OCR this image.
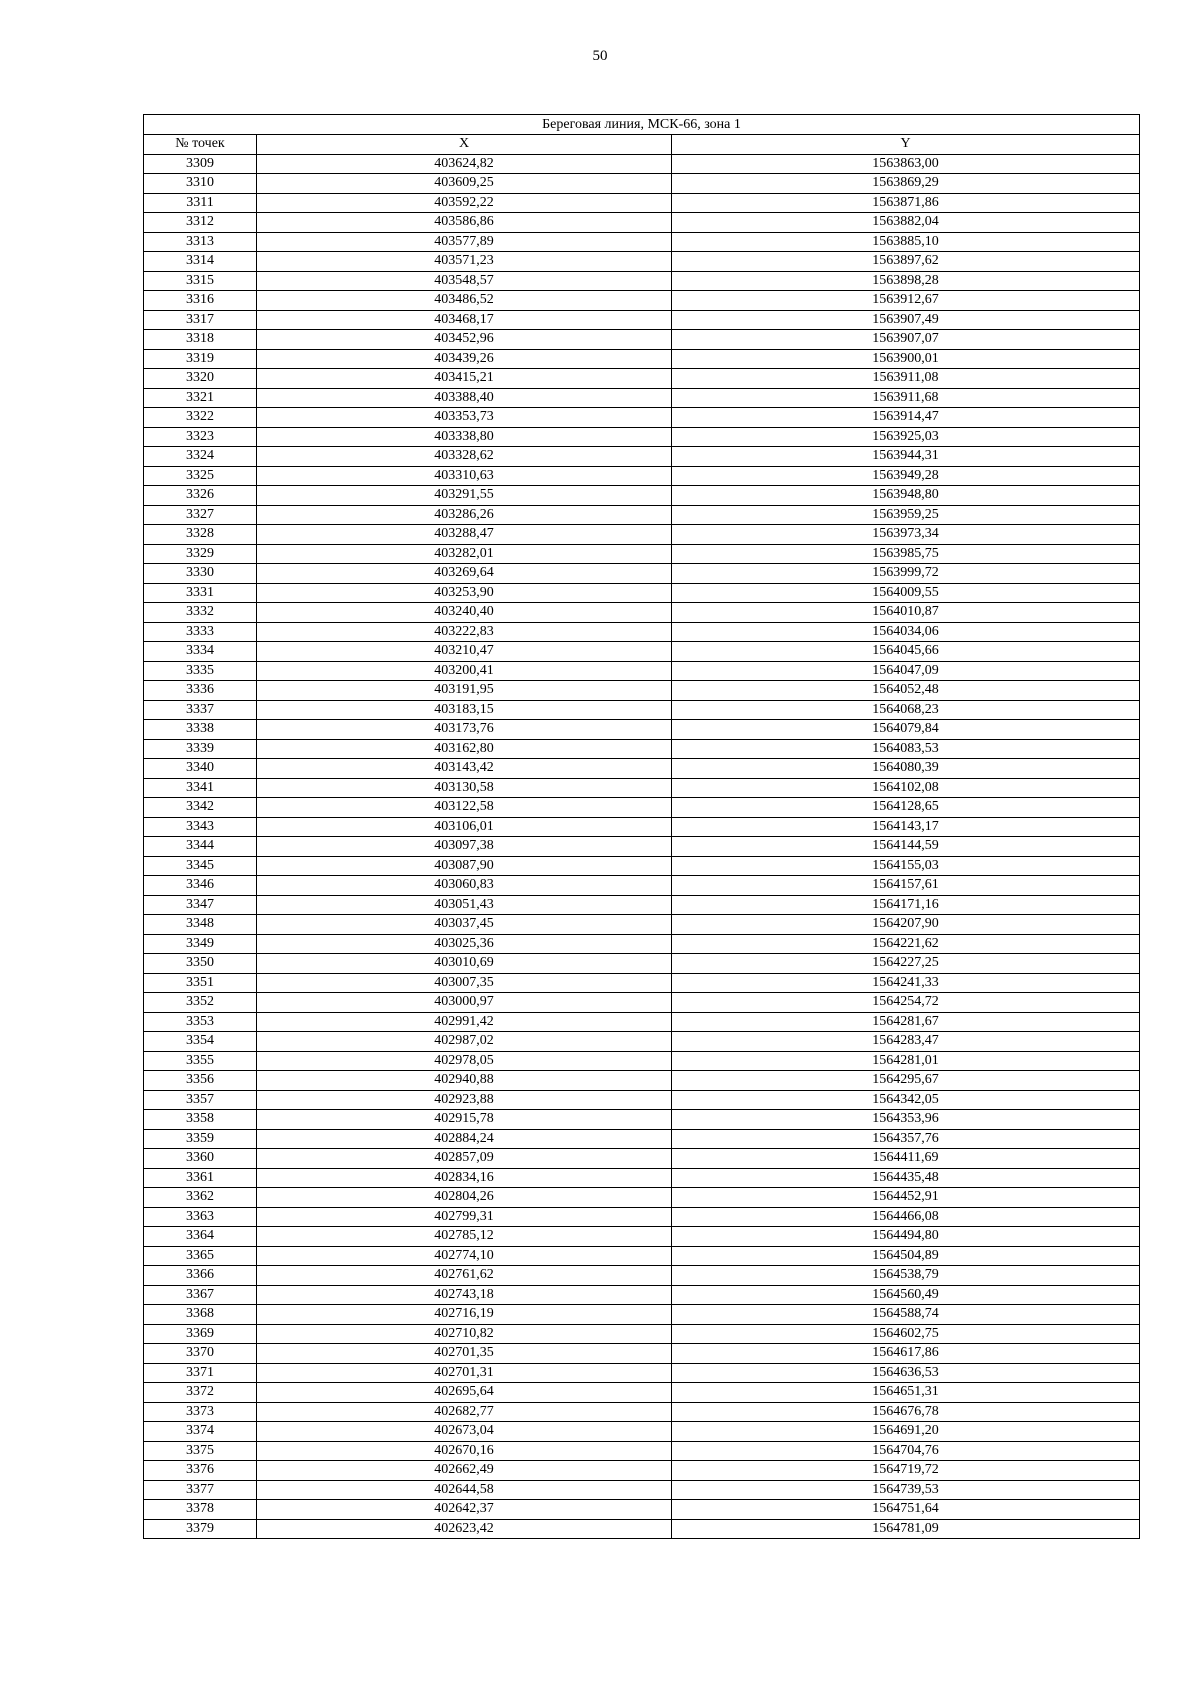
50
Береговая линия, МСК-66, зона 1		
№ точек	X	Y
3309	403624,82	1563863,00
3310	403609,25	1563869,29
3311	403592,22	1563871,86
3312	403586,86	1563882,04
3313	403577,89	1563885,10
3314	403571,23	1563897,62
3315	403548,57	1563898,28
3316	403486,52	1563912,67
3317	403468,17	1563907,49
3318	403452,96	1563907,07
3319	403439,26	1563900,01
3320	403415,21	1563911,08
3321	403388,40	1563911,68
3322	403353,73	1563914,47
3323	403338,80	1563925,03
3324	403328,62	1563944,31
3325	403310,63	1563949,28
3326	403291,55	1563948,80
3327	403286,26	1563959,25
3328	403288,47	1563973,34
3329	403282,01	1563985,75
3330	403269,64	1563999,72
3331	403253,90	1564009,55
3332	403240,40	1564010,87
3333	403222,83	1564034,06
3334	403210,47	1564045,66
3335	403200,41	1564047,09
3336	403191,95	1564052,48
3337	403183,15	1564068,23
3338	403173,76	1564079,84
3339	403162,80	1564083,53
3340	403143,42	1564080,39
3341	403130,58	1564102,08
3342	403122,58	1564128,65
3343	403106,01	1564143,17
3344	403097,38	1564144,59
3345	403087,90	1564155,03
3346	403060,83	1564157,61
3347	403051,43	1564171,16
3348	403037,45	1564207,90
3349	403025,36	1564221,62
3350	403010,69	1564227,25
3351	403007,35	1564241,33
3352	403000,97	1564254,72
3353	402991,42	1564281,67
3354	402987,02	1564283,47
3355	402978,05	1564281,01
3356	402940,88	1564295,67
3357	402923,88	1564342,05
3358	402915,78	1564353,96
3359	402884,24	1564357,76
3360	402857,09	1564411,69
3361	402834,16	1564435,48
3362	402804,26	1564452,91
3363	402799,31	1564466,08
3364	402785,12	1564494,80
3365	402774,10	1564504,89
3366	402761,62	1564538,79
3367	402743,18	1564560,49
3368	402716,19	1564588,74
3369	402710,82	1564602,75
3370	402701,35	1564617,86
3371	402701,31	1564636,53
3372	402695,64	1564651,31
3373	402682,77	1564676,78
3374	402673,04	1564691,20
3375	402670,16	1564704,76
3376	402662,49	1564719,72
3377	402644,58	1564739,53
3378	402642,37	1564751,64
3379	402623,42	1564781,09
